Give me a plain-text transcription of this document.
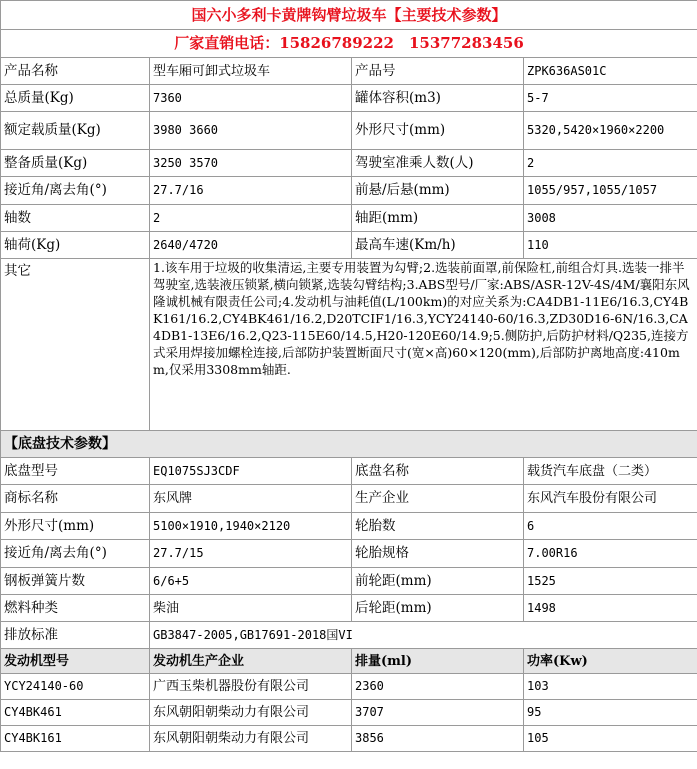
国六小多利卡黄牌钩臂垃圾车【主要技术参数】			
厂家直销电话：15826789222　15377283456			
产品名称	型车厢可卸式垃圾车	产品号	ZPK636AS01C
总质量(Kg)	7360	罐体容积(m3)	5-7
额定载质量(Kg)	3980 3660	外形尺寸(mm)	5320,5420×1960×2200
整备质量(Kg)	3250 3570	驾驶室准乘人数(人)	2
接近角/离去角(°)	27.7/16	前悬/后悬(mm)	1055/957,1055/1057
轴数	2	轴距(mm)	3008
轴荷(Kg)	2640/4720	最高车速(Km/h)	110
其它	1.该车用于垃圾的收集清运,主要专用装置为勾臂;2.选装前面罩,前保险杠,前组合灯具.选装一排半驾驶室,选装液压锁紧,横向锁紧,选装勾臂结构;3.ABS型号/厂家:ABS/ASR-12V-4S/4M/襄阳东风隆诚机械有限责任公司;4.发动机与油耗值(L/100km)的对应关系为:CA4DB1-11E6/16.3,CY4BK161/16.2,CY4BK461/16.2,D20TCIF1/16.3,YCY24140-60/16.3,ZD30D16-6N/16.3,CA4DB1-13E6/16.2,Q23-115E60/14.5,H20-120E60/14.9;5.侧防护,后防护材料/Q235,连接方式采用焊接加螺栓连接,后部防护装置断面尺寸(宽×高)60×120(mm),后部防护离地高度:410mm,仅采用3308mm轴距.		
【底盘技术参数】			
底盘型号	EQ1075SJ3CDF	底盘名称	载货汽车底盘（二类）
商标名称	东风牌	生产企业	东风汽车股份有限公司
外形尺寸(mm)	5100×1910,1940×2120	轮胎数	6
接近角/离去角(°)	27.7/15	轮胎规格	7.00R16
钢板弹簧片数	6/6+5	前轮距(mm)	1525
燃料种类	柴油	后轮距(mm)	1498
排放标准	GB3847-2005,GB17691-2018国VI		
发动机型号	发动机生产企业	排量(ml)	功率(Kw)
YCY24140-60	广西玉柴机器股份有限公司	2360	103
CY4BK461	东风朝阳朝柴动力有限公司	3707	95
CY4BK161	东风朝阳朝柴动力有限公司	3856	105
